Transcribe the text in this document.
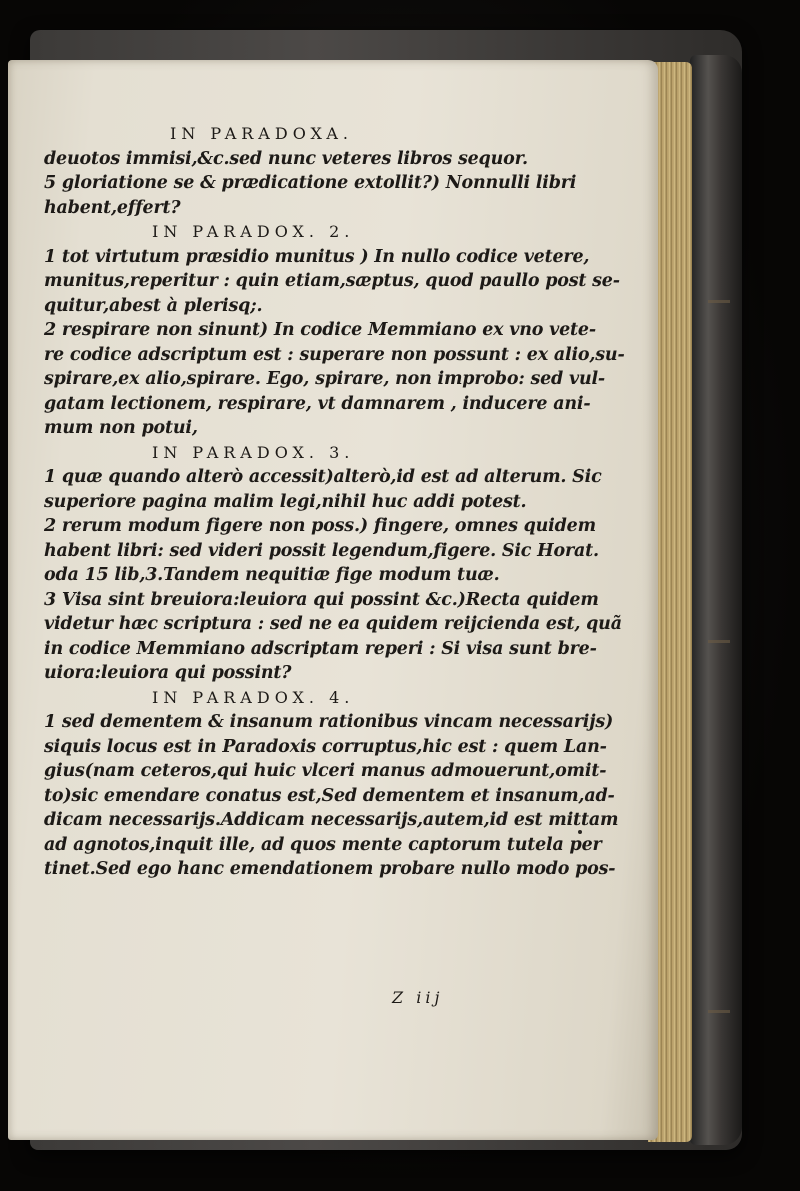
IN PARADOXA.
deuotos immisi,&c.sed nunc veteres libros sequor.
5 gloriatione se & prædicatione extollit?) Nonnulli libri
habent,effert?
IN PARADOX. 2.
1 tot virtutum præsidio munitus ) In nullo codice vetere,
munitus,reperitur : quin etiam,sæptus, quod paullo post se-
quitur,abest à plerisq;.
2 respirare non sinunt) In codice Memmiano ex vno vete-
re codice adscriptum est : superare non possunt : ex alio,su-
spirare,ex alio,spirare. Ego, spirare, non improbo: sed vul-
gatam lectionem, respirare, vt damnarem , inducere ani-
mum non potui,
IN PARADOX. 3.
1 quæ quando alterò accessit)alterò,id est ad alterum. Sic
superiore pagina malim legi,nihil huc addi potest.
2 rerum modum figere non poss.) fingere, omnes quidem
habent libri: sed videri possit legendum,figere. Sic Horat.
oda 15 lib,3.Tandem nequitiæ fige modum tuæ.
3 Visa sint breuiora:leuiora qui possint &c.)Recta quidem
videtur hæc scriptura : sed ne ea quidem reijcienda est, quã
in codice Memmiano adscriptam reperi : Si visa sunt bre-
uiora:leuiora qui possint?
IN PARADOX. 4.
1 sed dementem & insanum rationibus vincam necessarijs)
siquis locus est in Paradoxis corruptus,hic est : quem Lan-
gius(nam ceteros,qui huic vlceri manus admouerunt,omit-
to)sic emendare conatus est,Sed dementem et insanum,ad-
dicam necessarijs.Addicam necessarijs,autem,id est mittam
ad agnotos,inquit ille, ad quos mente captorum tutela per
tinet.Sed ego hanc emendationem probare nullo modo pos-
Z iij
